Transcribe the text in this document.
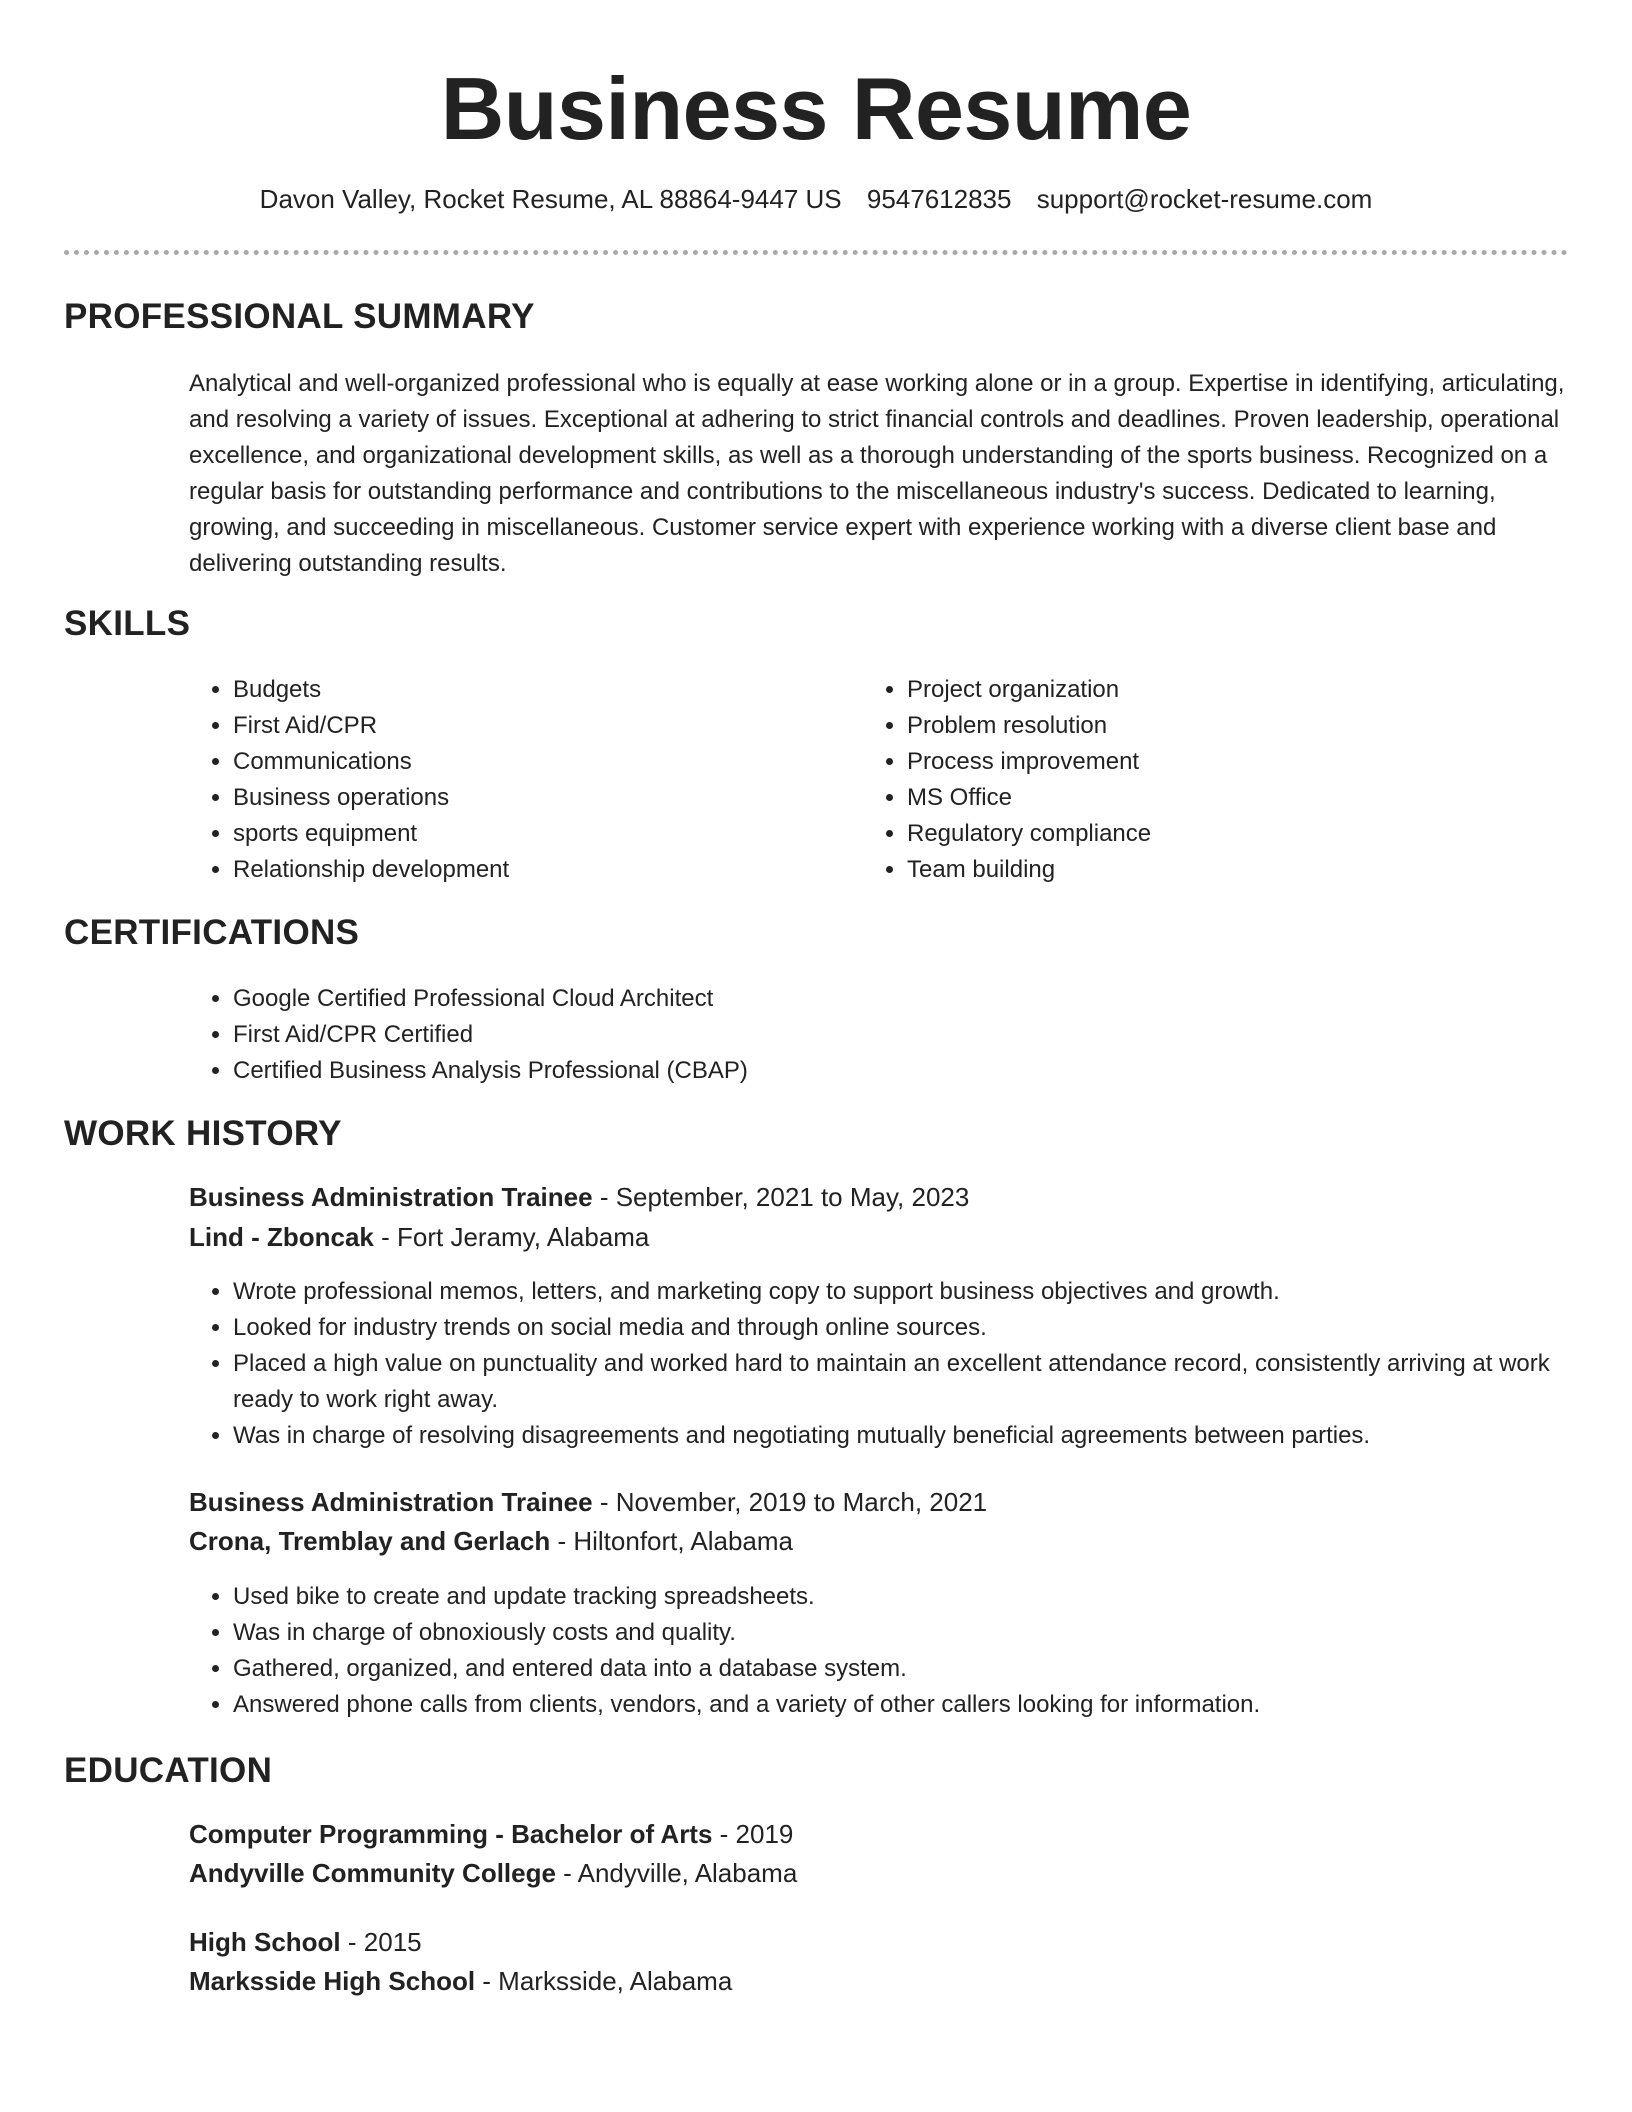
Business Resume
Davon Valley, Rocket Resume, AL 88864-9447 US 9547612835 support@rocket-resume.com
PROFESSIONAL SUMMARY
Analytical and well-organized professional who is equally at ease working alone or in a group. Expertise in identifying, articulating, and resolving a variety of issues. Exceptional at adhering to strict financial controls and deadlines. Proven leadership, operational excellence, and organizational development skills, as well as a thorough understanding of the sports business. Recognized on a regular basis for outstanding performance and contributions to the miscellaneous industry's success. Dedicated to learning, growing, and succeeding in miscellaneous. Customer service expert with experience working with a diverse client base and delivering outstanding results.
SKILLS
• Budgets
• First Aid/CPR
• Communications
• Business operations
• sports equipment
• Relationship development
• Project organization
• Problem resolution
• Process improvement
• MS Office
• Regulatory compliance
• Team building
CERTIFICATIONS
• Google Certified Professional Cloud Architect
• First Aid/CPR Certified
• Certified Business Analysis Professional (CBAP)
WORK HISTORY
Business Administration Trainee - September, 2021 to May, 2023
Lind - Zboncak - Fort Jeramy, Alabama
• Wrote professional memos, letters, and marketing copy to support business objectives and growth.
• Looked for industry trends on social media and through online sources.
• Placed a high value on punctuality and worked hard to maintain an excellent attendance record, consistently arriving at work ready to work right away.
• Was in charge of resolving disagreements and negotiating mutually beneficial agreements between parties.
Business Administration Trainee - November, 2019 to March, 2021
Crona, Tremblay and Gerlach - Hiltonfort, Alabama
• Used bike to create and update tracking spreadsheets.
• Was in charge of obnoxiously costs and quality.
• Gathered, organized, and entered data into a database system.
• Answered phone calls from clients, vendors, and a variety of other callers looking for information.
EDUCATION
Computer Programming - Bachelor of Arts - 2019
Andyville Community College - Andyville, Alabama
High School - 2015
Marksside High School - Marksside, Alabama
